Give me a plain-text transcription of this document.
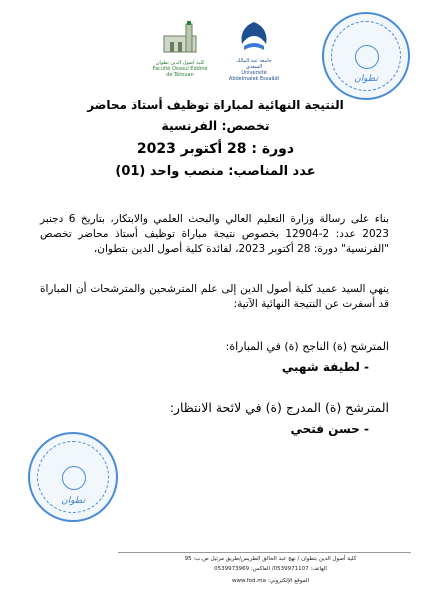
جامعة عبد المالك السعدي
Université Abdelmalek Essaâdi
كلية أصول الدين تطوان
Faculté Ossoul Eddine de Tétouan	تطوان
النتيجة النهائية لمباراة توظيف أستاذ محاضر
تخصص: الفرنسية
دورة : 28 أكتوبر 2023
عدد المناصب: منصب واحد (01)
بناء على رسالة وزارة التعليم العالي والبحث العلمي والابتكار، بتاريخ 6 دجنبر 2023 عدد: 2-12904 بخصوص نتيجة مباراة توظيف أستاذ محاضر تخصص "الفرنسية" دورة: 28 أكتوبر 2023، لفائدة كلية أصول الدين بتطوان،
ينهي السيد عميد كلية أصول الدين إلى علم المترشحين والمترشحات أن المباراة قد أسفرت عن النتيجة النهائية الآتية:
المترشح (ة) الناجح (ة) في المباراة:
- لطيفة شهبي
المترشح (ة) المدرج (ة) في لائحة الانتظار:
- حسن فتحي
تطوان
كلية أصول الدين بتطوان / نهج عبد الخالق الطريس/طريق مرتيل ص.ب: 95
الهاتف: 0539971107/ الفاكس: 0539973969
الموقع الإلكتروني: www.fod.ma
